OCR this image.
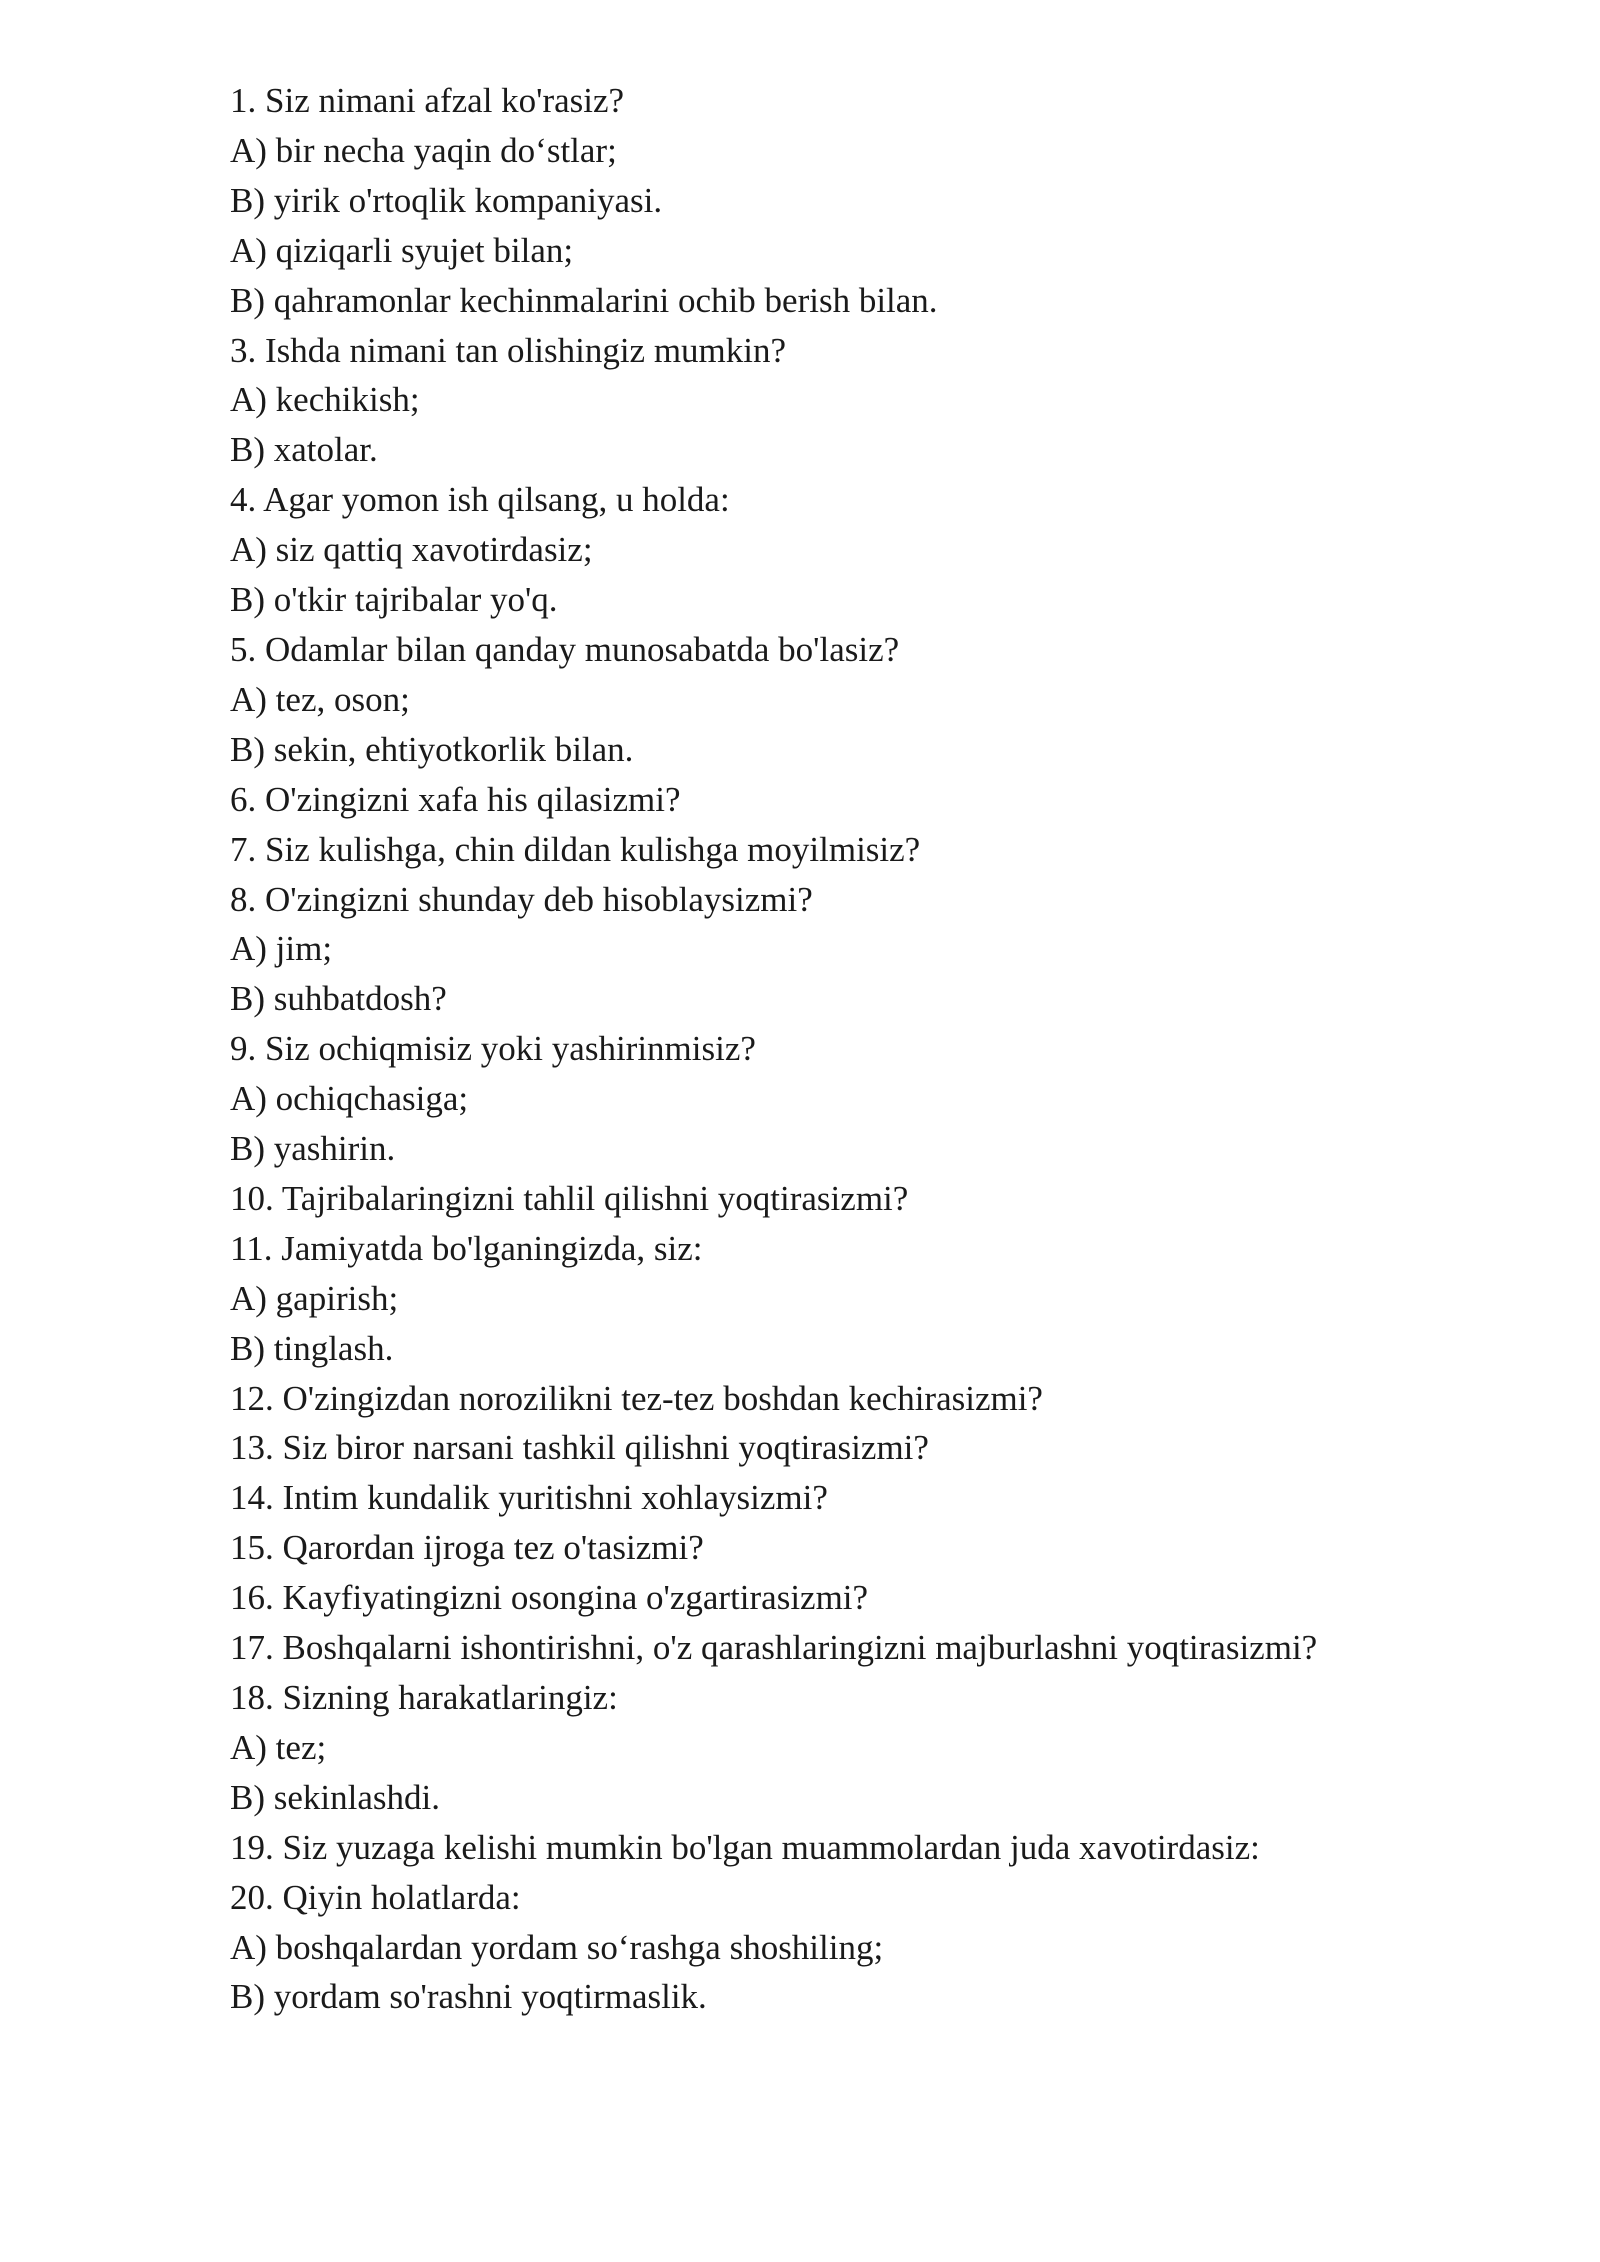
1. Siz nimani afzal ko'rasiz?

A) bir necha yaqin do‘stlar;

B) yirik o'rtoqlik kompaniyasi.

A) qiziqarli syujet bilan;

B) qahramonlar kechinmalarini ochib berish bilan.

3. Ishda nimani tan olishingiz mumkin?

A) kechikish;

B) xatolar.

4. Agar yomon ish qilsang, u holda:

A) siz qattiq xavotirdasiz;

B) o'tkir tajribalar yo'q.

5. Odamlar bilan qanday munosabatda bo'lasiz?

A) tez, oson;

B) sekin, ehtiyotkorlik bilan.

6. O'zingizni xafa his qilasizmi?

7. Siz kulishga, chin dildan kulishga moyilmisiz?

8. O'zingizni shunday deb hisoblaysizmi?

A) jim;

B) suhbatdosh?

9. Siz ochiqmisiz yoki yashirinmisiz?

A) ochiqchasiga;

B) yashirin.

10. Tajribalaringizni tahlil qilishni yoqtirasizmi?

11. Jamiyatda bo'lganingizda, siz:

A) gapirish;

B) tinglash.

12. O'zingizdan norozilikni tez-tez boshdan kechirasizmi?

13. Siz biror narsani tashkil qilishni yoqtirasizmi?

14. Intim kundalik yuritishni xohlaysizmi?

15. Qarordan ijroga tez o'tasizmi?

16. Kayfiyatingizni osongina o'zgartirasizmi?

17. Boshqalarni ishontirishni, o'z qarashlaringizni majburlashni yoqtirasizmi?

18. Sizning harakatlaringiz:

A) tez;

B) sekinlashdi.

19. Siz yuzaga kelishi mumkin bo'lgan muammolardan juda xavotirdasiz:

20. Qiyin holatlarda:

A) boshqalardan yordam so‘rashga shoshiling;

B) yordam so'rashni yoqtirmaslik.
